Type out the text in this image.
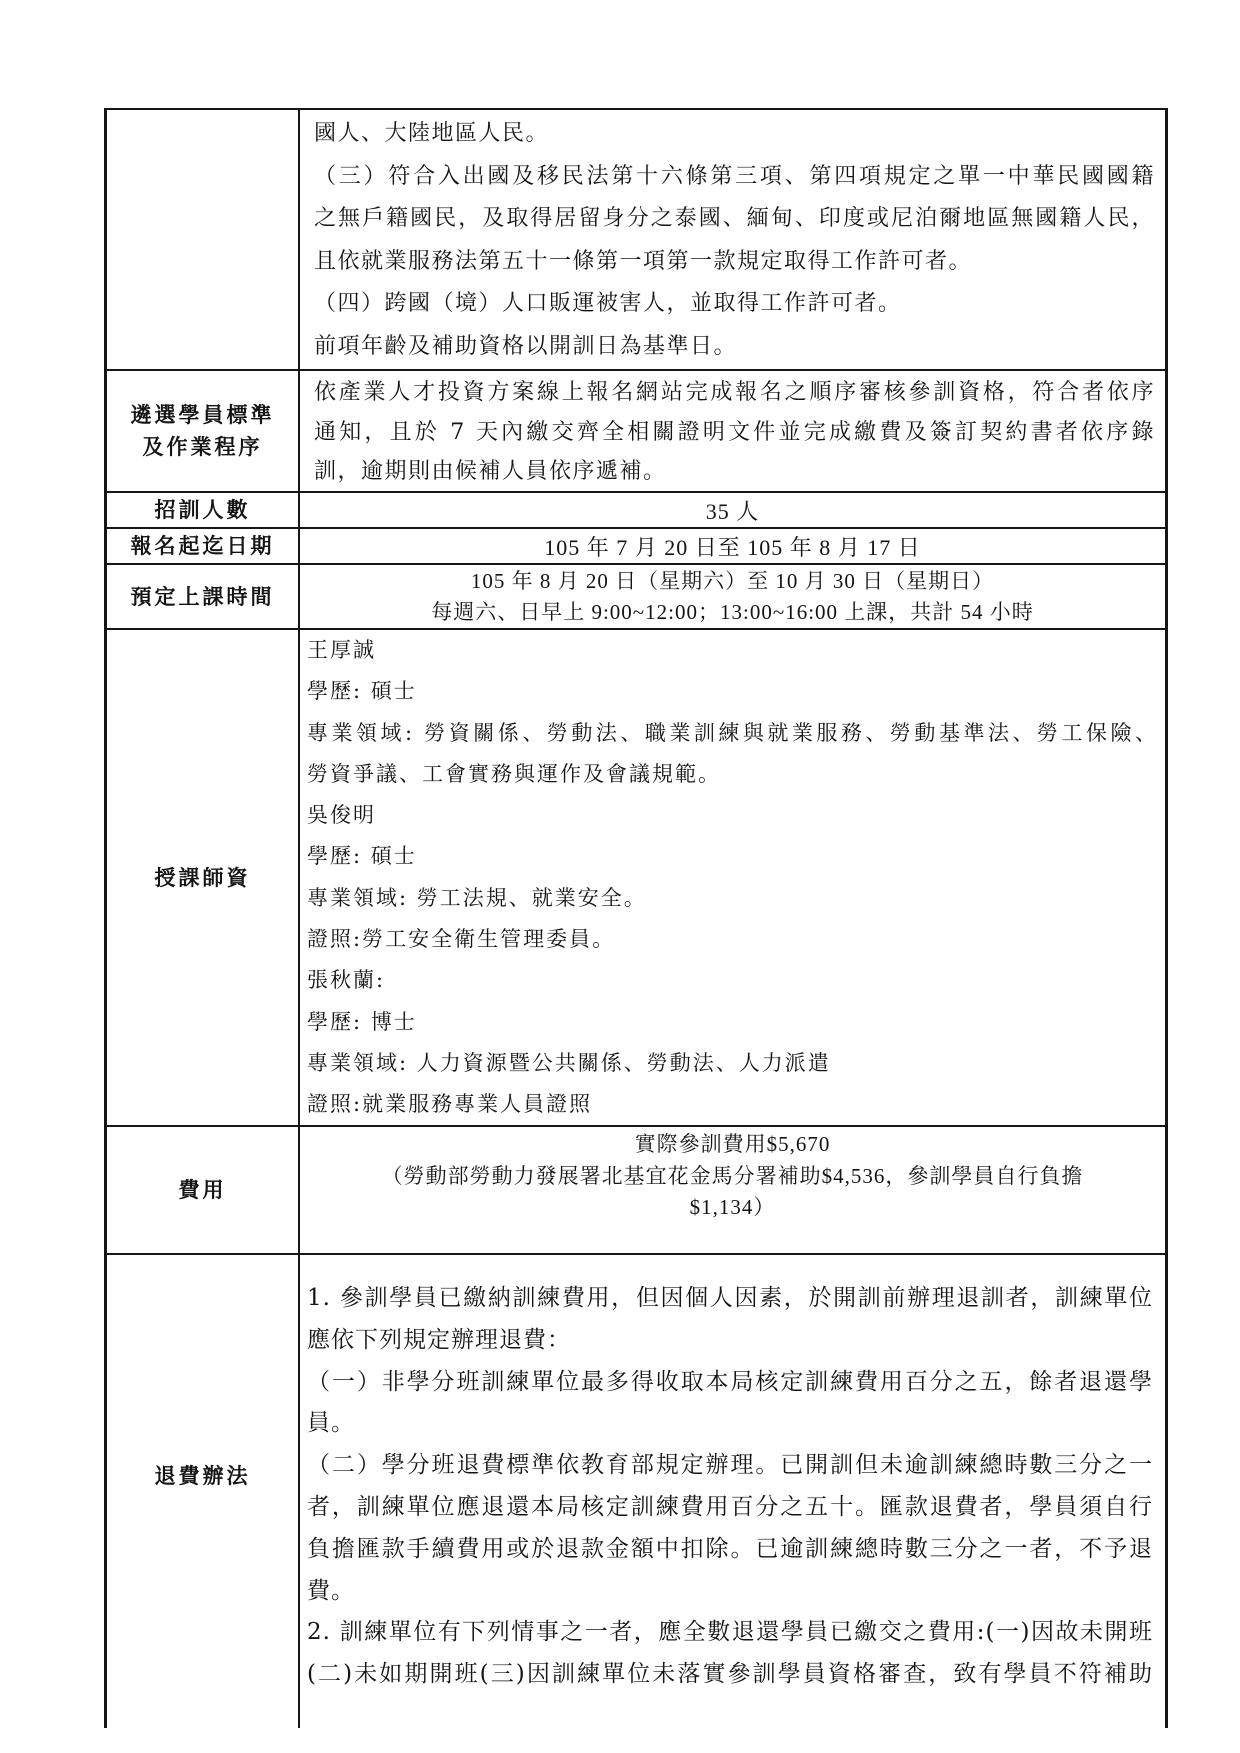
國人、大陸地區人民。
（三）符合入出國及移民法第十六條第三項、第四項規定之單一中華民國國籍
之無戶籍國民，及取得居留身分之泰國、緬甸、印度或尼泊爾地區無國籍人民，
且依就業服務法第五十一條第一項第一款規定取得工作許可者。
（四）跨國（境）人口販運被害人，並取得工作許可者。
前項年齡及補助資格以開訓日為基準日。
遴選學員標準
及作業程序
依產業人才投資方案線上報名網站完成報名之順序審核參訓資格，符合者依序
通知，且於 7 天內繳交齊全相關證明文件並完成繳費及簽訂契約書者依序錄
訓，逾期則由候補人員依序遞補。
招訓人數	35 人
報名起迄日期	105 年 7 月 20 日至 105 年 8 月 17 日
預定上課時間
105 年 8 月 20 日（星期六）至 10 月 30 日（星期日）
每週六、日早上 9:00~12:00；13:00~16:00 上課，共計 54 小時
授課師資
王厚誠
學歷: 碩士
專業領域: 勞資關係、勞動法、職業訓練與就業服務、勞動基準法、勞工保險、
勞資爭議、工會實務與運作及會議規範。
吳俊明
學歷: 碩士
專業領域: 勞工法規、就業安全。
證照:勞工安全衛生管理委員。
張秋蘭:
學歷: 博士
專業領域: 人力資源暨公共關係、勞動法、人力派遣
證照:就業服務專業人員證照
費用
實際參訓費用$5,670
（勞動部勞動力發展署北基宜花金馬分署補助$4,536，參訓學員自行負擔
$1,134）
退費辦法
1. 參訓學員已繳納訓練費用，但因個人因素，於開訓前辦理退訓者，訓練單位
應依下列規定辦理退費：
（一）非學分班訓練單位最多得收取本局核定訓練費用百分之五，餘者退還學
員。
（二）學分班退費標準依教育部規定辦理。已開訓但未逾訓練總時數三分之一
者，訓練單位應退還本局核定訓練費用百分之五十。匯款退費者，學員須自行
負擔匯款手續費用或於退款金額中扣除。已逾訓練總時數三分之一者，不予退
費。
2. 訓練單位有下列情事之一者，應全數退還學員已繳交之費用:(一)因故未開班
(二)未如期開班(三)因訓練單位未落實參訓學員資格審查，致有學員不符補助
